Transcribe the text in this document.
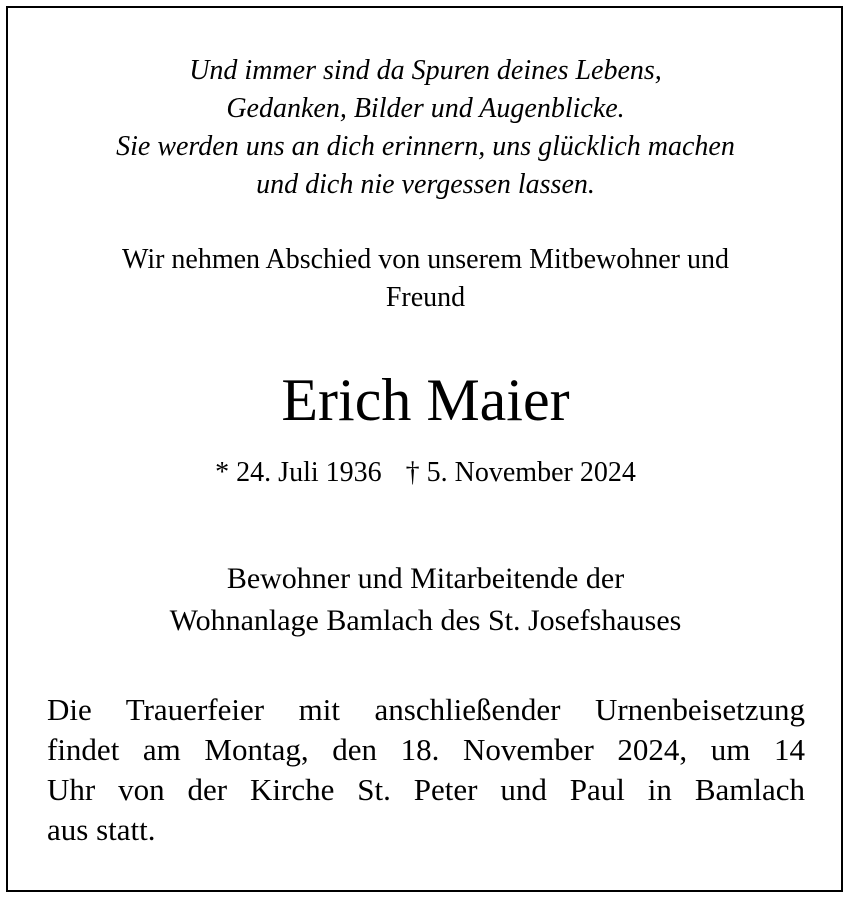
Und immer sind da Spuren deines Lebens,
Gedanken, Bilder und Augenblicke.
Sie werden uns an dich erinnern, uns glücklich machen
und dich nie vergessen lassen.
Wir nehmen Abschied von unserem Mitbewohner und
Freund
Erich Maier
* 24. Juli 1936 † 5. November 2024
Bewohner und Mitarbeitende der
Wohnanlage Bamlach des St. Josefshauses
Die Trauerfeier mit anschließender Urnenbeisetzung
findet am Montag, den 18. November 2024, um 14
Uhr von der Kirche St. Peter und Paul in Bamlach
aus statt.
